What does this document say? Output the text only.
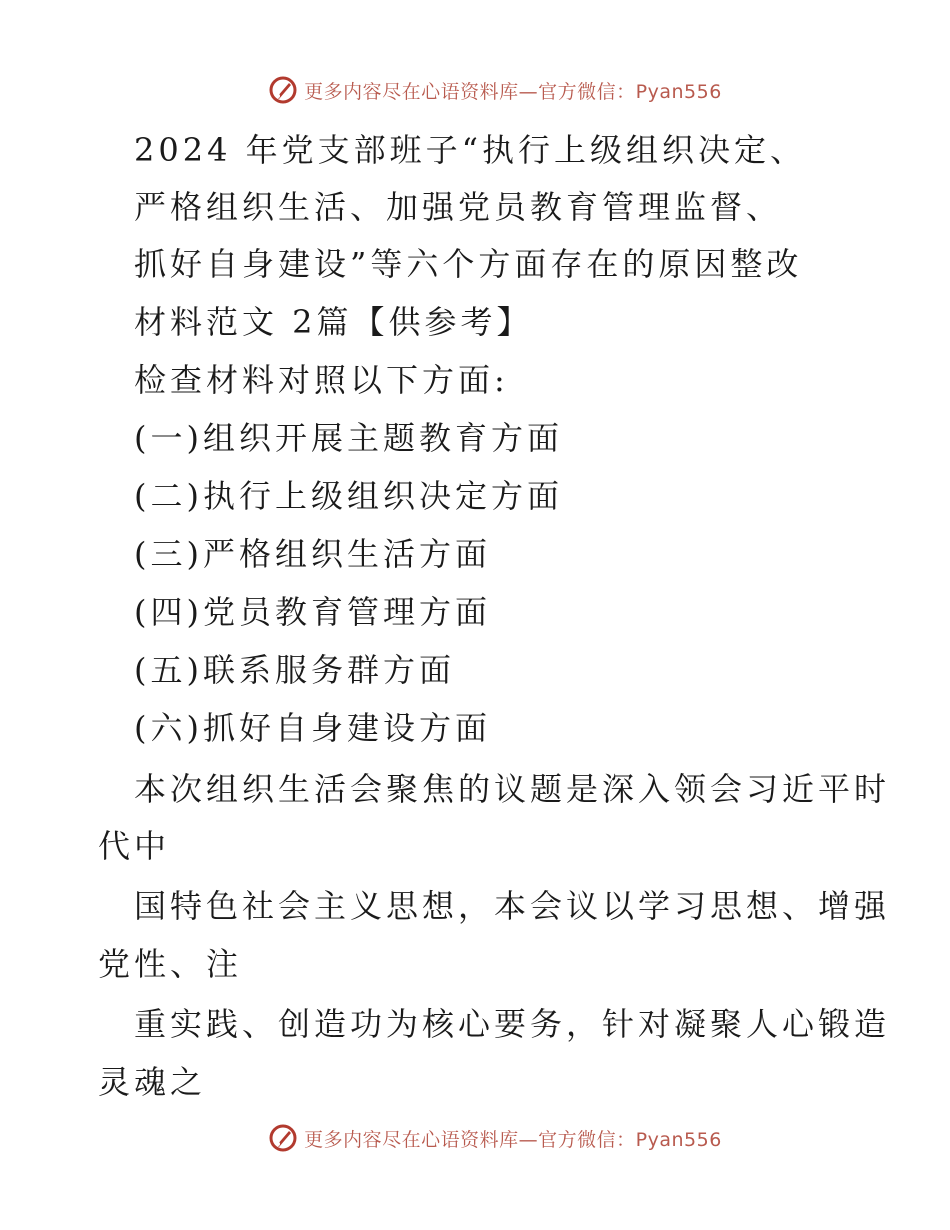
更多内容尽在心语资料库—官方微信：Pyan556
2024 年党支部班子“执行上级组织决定、
严格组织生活、加强党员教育管理监督、
抓好自身建设”等六个方面存在的原因整改
材料范文 2篇【供参考】
检查材料对照以下方面:
(一)组织开展主题教育方面
(二)执行上级组织决定方面
(三)严格组织生活方面
(四)党员教育管理方面
(五)联系服务群方面
(六)抓好自身建设方面
本次组织生活会聚焦的议题是深入领会习近平时
代中
国特色社会主义思想，本会议以学习思想、增强
党性、注
重实践、创造功为核心要务，针对凝聚人心锻造
灵魂之
更多内容尽在心语资料库—官方微信：Pyan556
